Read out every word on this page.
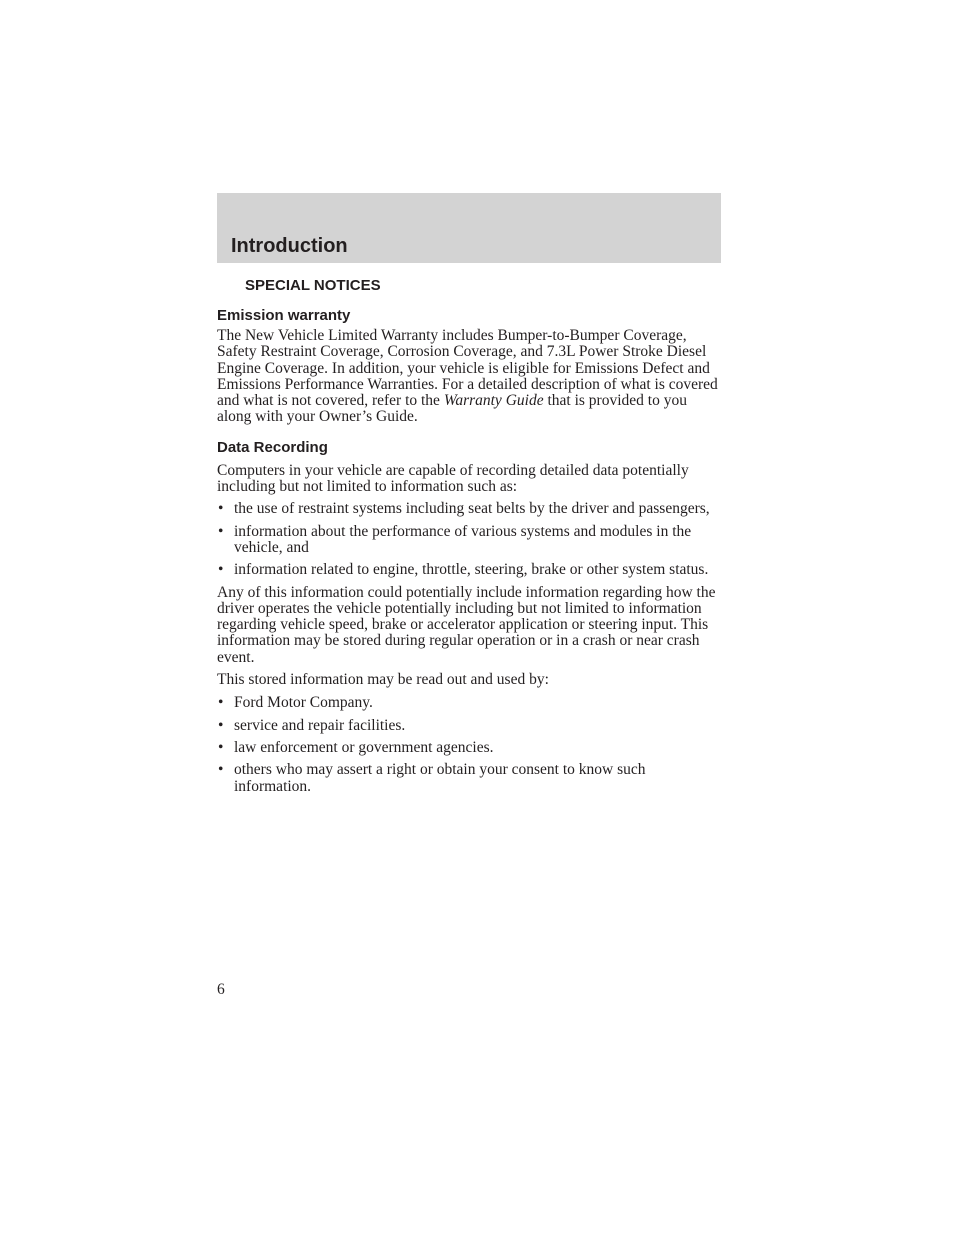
Introduction
SPECIAL NOTICES
Emission warranty

The New Vehicle Limited Warranty includes Bumper-to-Bumper Coverage, Safety Restraint Coverage, Corrosion Coverage, and 7.3L Power Stroke Diesel Engine Coverage. In addition, your vehicle is eligible for Emissions Defect and Emissions Performance Warranties. For a detailed description of what is covered and what is not covered, refer to the Warranty Guide that is provided to you along with your Owner’s Guide.

Data Recording

Computers in your vehicle are capable of recording detailed data potentially including but not limited to information such as:

• the use of restraint systems including seat belts by the driver and passengers,
• information about the performance of various systems and modules in the vehicle, and
• information related to engine, throttle, steering, brake or other system status.

Any of this information could potentially include information regarding how the driver operates the vehicle potentially including but not limited to information regarding vehicle speed, brake or accelerator application or steering input. This information may be stored during regular operation or in a crash or near crash event.

This stored information may be read out and used by:

• Ford Motor Company.
• service and repair facilities.
• law enforcement or government agencies.
• others who may assert a right or obtain your consent to know such information.

6
